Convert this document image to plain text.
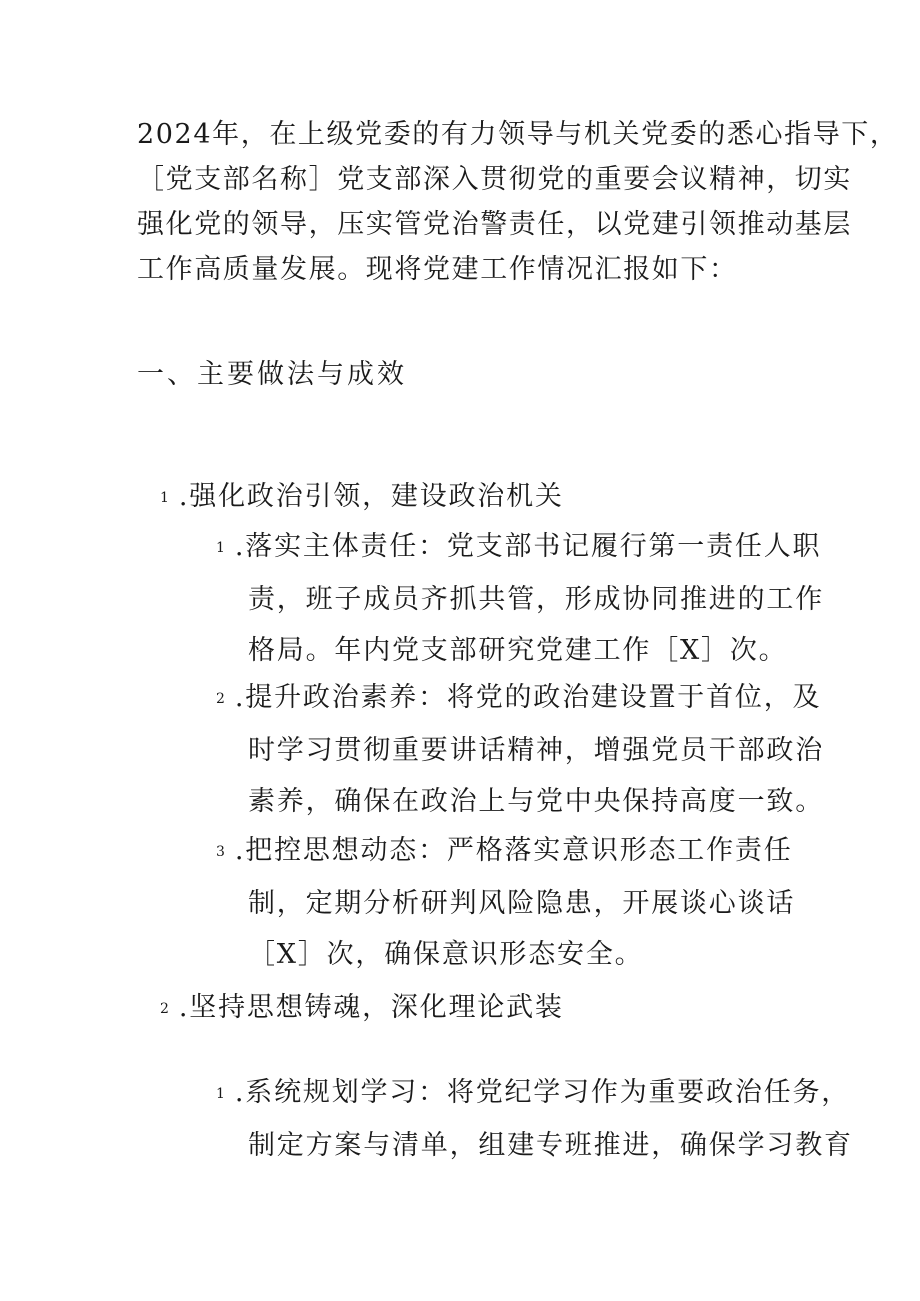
2024年，在上级党委的有力领导与机关党委的悉心指导下，
［党支部名称］党支部深入贯彻党的重要会议精神，切实
强化党的领导，压实管党治警责任，以党建引领推动基层
工作高质量发展。现将党建工作情况汇报如下：
一、主要做法与成效
1 .强化政治引领，建设政治机关
1 .落实主体责任：党支部书记履行第一责任人职
责，班子成员齐抓共管，形成协同推进的工作
格局。年内党支部研究党建工作［X］次。
2 .提升政治素养：将党的政治建设置于首位，及
时学习贯彻重要讲话精神，增强党员干部政治
素养，确保在政治上与党中央保持高度一致。
3 .把控思想动态：严格落实意识形态工作责任
制，定期分析研判风险隐患，开展谈心谈话
［X］次，确保意识形态安全。
2 .坚持思想铸魂，深化理论武装
1 .系统规划学习：将党纪学习作为重要政治任务，
制定方案与清单，组建专班推进，确保学习教育
